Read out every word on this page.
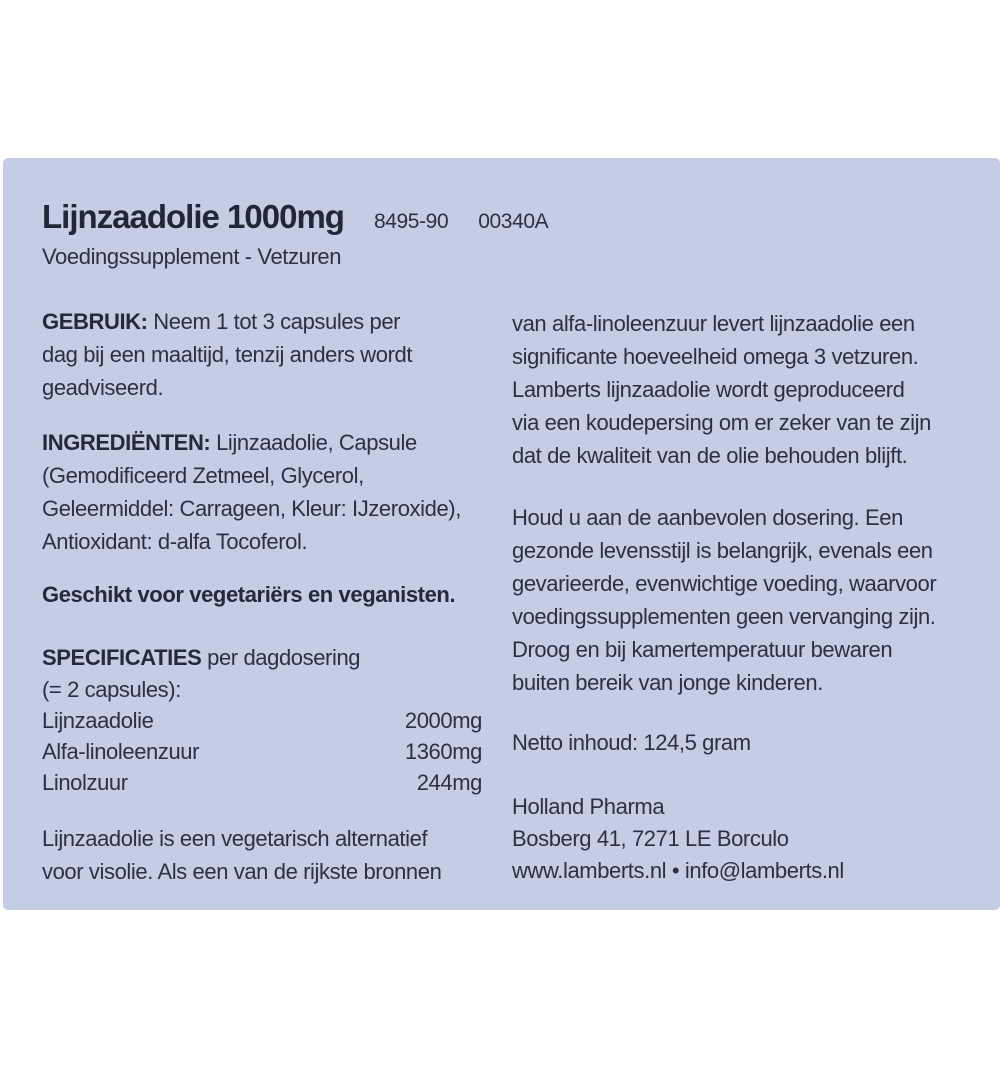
Lijnzaadolie 1000mg 8495-90 00340A
Voedingssupplement - Vetzuren
GEBRUIK: Neem 1 tot 3 capsules per
dag bij een maaltijd, tenzij anders wordt
geadviseerd.
INGREDIËNTEN: Lijnzaadolie, Capsule
(Gemodificeerd Zetmeel, Glycerol,
Geleermiddel: Carrageen, Kleur: IJzeroxide),
Antioxidant: d-alfa Tocoferol.
Geschikt voor vegetariërs en veganisten.
SPECIFICATIES per dagdosering
(= 2 capsules):
Lijnzaadolie	2000mg
Alfa-linoleenzuur	1360mg
Linolzuur	244mg
Lijnzaadolie is een vegetarisch alternatief
voor visolie. Als een van de rijkste bronnen
van alfa-linoleenzuur levert lijnzaadolie een
significante hoeveelheid omega 3 vetzuren.
Lamberts lijnzaadolie wordt geproduceerd
via een koudepersing om er zeker van te zijn
dat de kwaliteit van de olie behouden blijft.
Houd u aan de aanbevolen dosering. Een
gezonde levensstijl is belangrijk, evenals een
gevarieerde, evenwichtige voeding, waarvoor
voedingssupplementen geen vervanging zijn.
Droog en bij kamertemperatuur bewaren
buiten bereik van jonge kinderen.
Netto inhoud: 124,5 gram
Holland Pharma
Bosberg 41, 7271 LE Borculo
www.lamberts.nl • info@lamberts.nl
